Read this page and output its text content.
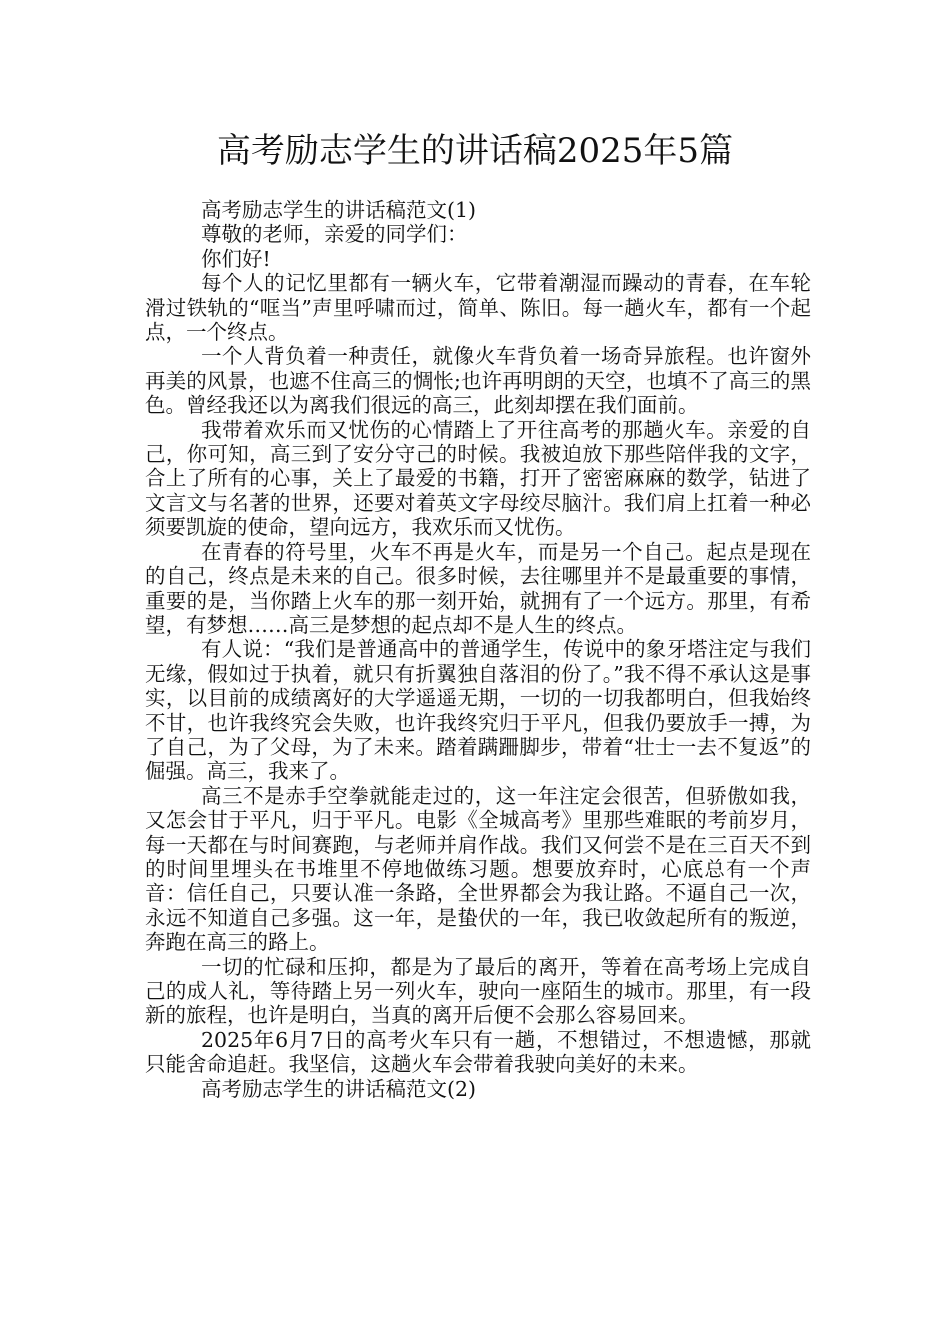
高考励志学生的讲话稿2025年5篇

高考励志学生的讲话稿范文(1)

尊敬的老师，亲爱的同学们：

你们好!

每个人的记忆里都有一辆火车，它带着潮湿而躁动的青春，在车轮滑过铁轨的“哐当”声里呼啸而过，简单、陈旧。每一趟火车，都有一个起点，一个终点。

一个人背负着一种责任，就像火车背负着一场奇异旅程。也许窗外再美的风景，也遮不住高三的惆怅;也许再明朗的天空，也填不了高三的黑色。曾经我还以为离我们很远的高三，此刻却摆在我们面前。

我带着欢乐而又忧伤的心情踏上了开往高考的那趟火车。亲爱的自己，你可知，高三到了安分守己的时候。我被迫放下那些陪伴我的文字，合上了所有的心事，关上了最爱的书籍，打开了密密麻麻的数学，钻进了文言文与名著的世界，还要对着英文字母绞尽脑汁。我们肩上扛着一种必须要凯旋的使命，望向远方，我欢乐而又忧伤。

在青春的符号里，火车不再是火车，而是另一个自己。起点是现在的自己，终点是未来的自己。很多时候，去往哪里并不是最重要的事情，重要的是，当你踏上火车的那一刻开始，就拥有了一个远方。那里，有希望，有梦想……高三是梦想的起点却不是人生的终点。

有人说：“我们是普通高中的普通学生，传说中的象牙塔注定与我们无缘，假如过于执着，就只有折翼独自落泪的份了。”我不得不承认这是事实，以目前的成绩离好的大学遥遥无期，一切的一切我都明白，但我始终不甘，也许我终究会失败，也许我终究归于平凡，但我仍要放手一搏，为了自己，为了父母，为了未来。踏着蹒跚脚步，带着“壮士一去不复返”的倔强。高三，我来了。

高三不是赤手空拳就能走过的，这一年注定会很苦，但骄傲如我，又怎会甘于平凡，归于平凡。电影《全城高考》里那些难眠的考前岁月，每一天都在与时间赛跑，与老师并肩作战。我们又何尝不是在三百天不到的时间里埋头在书堆里不停地做练习题。想要放弃时，心底总有一个声音：信任自己，只要认准一条路，全世界都会为我让路。不逼自己一次，永远不知道自己多强。这一年，是蛰伏的一年，我已收敛起所有的叛逆，奔跑在高三的路上。

一切的忙碌和压抑，都是为了最后的离开，等着在高考场上完成自己的成人礼，等待踏上另一列火车，驶向一座陌生的城市。那里，有一段新的旅程，也许是明白，当真的离开后便不会那么容易回来。

2025年6月7日的高考火车只有一趟，不想错过，不想遗憾，那就只能舍命追赶。我坚信，这趟火车会带着我驶向美好的未来。

高考励志学生的讲话稿范文(2)
